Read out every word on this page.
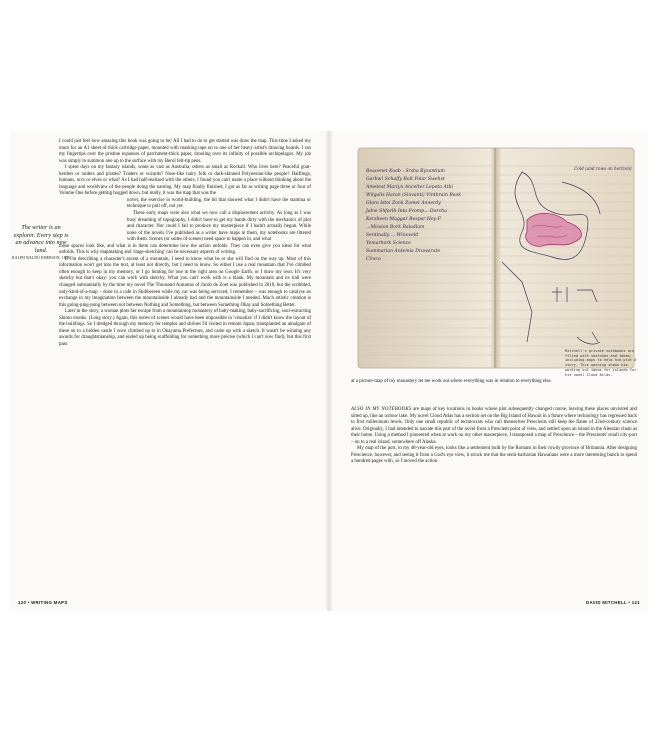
I could just feel how amazing this book was going to be! All I had to do to get started was draw the map. This time I asked my mum for an A1 sheet of thick cartridge paper, mounted with masking tape on to one of her heavy artist's drawing boards. I ran my fingertips over the pristine expanses of parchment-thick paper, drooling over its infinity of possible archipelagos. My job was simply to summon one up to the surface with my Berol felt-tip pens.

I spent days on my fantasy islands, some as vast as Australia, others as small as Rockall. Who lives here? Peaceful goat-herders or raiders and pirates? Traders or wizards? Nose-like hairy folk or dark-skinned Polynesian-like people? Halflings, humans, orcs or elves or what? As I had half-realized with the others, I found you can't name a place without thinking about the language and worldview of the people doing the naming. My map finally finished, I got as far as writing page three or four of Volume One before getting bogged down, but really, it was the map that was the

novel, the exercise in world-building, the bit that showed what I didn't have the stamina or technique to pull off, not yet.

These early maps were also what we now call a displacement activity. As long as I was busy dreaming of topography, I didn't have to get my hands dirty with the mechanics of plot and character. Nor could I fail to produce my masterpiece if I hadn't actually begun. While none of the novels I've published as a writer have maps in them, my notebooks are littered with them. Scenes (or suites of scenes) need space to happen in, and what

those spaces look like, and what is in them can determine how the action unfolds. They can even give you ideas for what unfolds. This is why mapmaking and 'stage-sketching' can be necessary aspects of writing.

If I'm describing a character's ascent of a mountain, I need to know what he or she will find on the way up. Most of this information won't get into the text, at least not directly, but I need to know. So either I use a real mountain that I've climbed often enough to keep in my memory, or I go hunting for one in the right area on Google Earth, or I draw my own. It's very sketchy but that's okay: you can work with sketchy. What you can't work with is a blank. My mountain and its trail were changed substantially by the time my novel The Thousand Autumns of Jacob de Zoet was published in 2010, but the scribbled, only-kind-of-a-map – done in a cafe in Skibbereen while my car was being serviced, I remember – was enough to catalyse an exchange in my imagination between the mountainside I already had and the mountainside I needed. Much artistic creation is this going-ping-pong between not between Nothing and Something, but between Something Okay and Something Better.

Later in the story, a woman plots her escape from a mountaintop monastery of baby-making, baby-sacrificing, soul-extracting Shinto monks. (Long story.) Again, this series of scenes would have been impossible to 'visualize' if I didn't know the layout of the buildings. So I dredged through my memory for temples and shrines I'd visited in remote Japan, transplanted an amalgam of these on to a hidden castle I once climbed up to in Okayama Prefecture, and came up with a sketch. It wasn't be winning any awards for draughtsmanship, and ended up being scaffolding for something more precise (which I can't now find), but this first pass

The writer is an explorer. Every step is an advance into new land.
RALPH WALDO EMERSON, 1870
120 • WRITING MAPS
Beacenet Koab : Srsha Byzantium
Garbw! Schalfy Bolt Polar Swehst
Ametest Mariyn Ancelter Lepeta Athi
Wilgalis Haran (Siovanti) Vintbrain Baok
Glare Istoi Zonk Zomel Annerdy
Jalne Shfarlh Inta Fromp... Dorcha
Kersheen Maggar Bespar Hey-F
...Mission Bork Baladlam
Sentinally ... Winoveld
Yemarhork Science
Summarian Antemia Drawarate
Cirsca
Cold (and rows on horizon)
Mitchell's private notebooks are filled with sketches and ideas, including maps to help him plot a story. This opening shows him working out ideas for islands for his novel Cloud Atlas.

at a picture-map of my monastery let me work out where everything was in relation to everything else.

ALSO IN MY NOTEBOOKS are maps of key locations in books whose plot subsequently changed course, leaving these places unvisited and silted up, like an oxbow lake. My novel Cloud Atlas has a section set on the Big Island of Hawaii in a future where technology has regressed back to first millennium levels. Only one small republic of technocrats who call themselves Prescients still keep the flame of 22nd-century science alive. Originally, I had intended to narrate this part of the novel from a Prescient point of view, and settled upon an island in the Aleutian chain as their home. Using a method I pioneered when at work on my other masterpiece, I transposed a map of Prescience – the Prescients' small city-port – on to a real island, somewhere off Alaska.

My map of the port, to my 48-year-old eyes, looks like a settlement built by the Romans in their rowdy province of Britannia. After designing Prescience, however, and seeing it from a God's eye view, it struck me that the semi-barbarian Hawaiians were a more interesting bunch to spend a hundred pages with, so I moved the action

DAVID MITCHELL • 121
